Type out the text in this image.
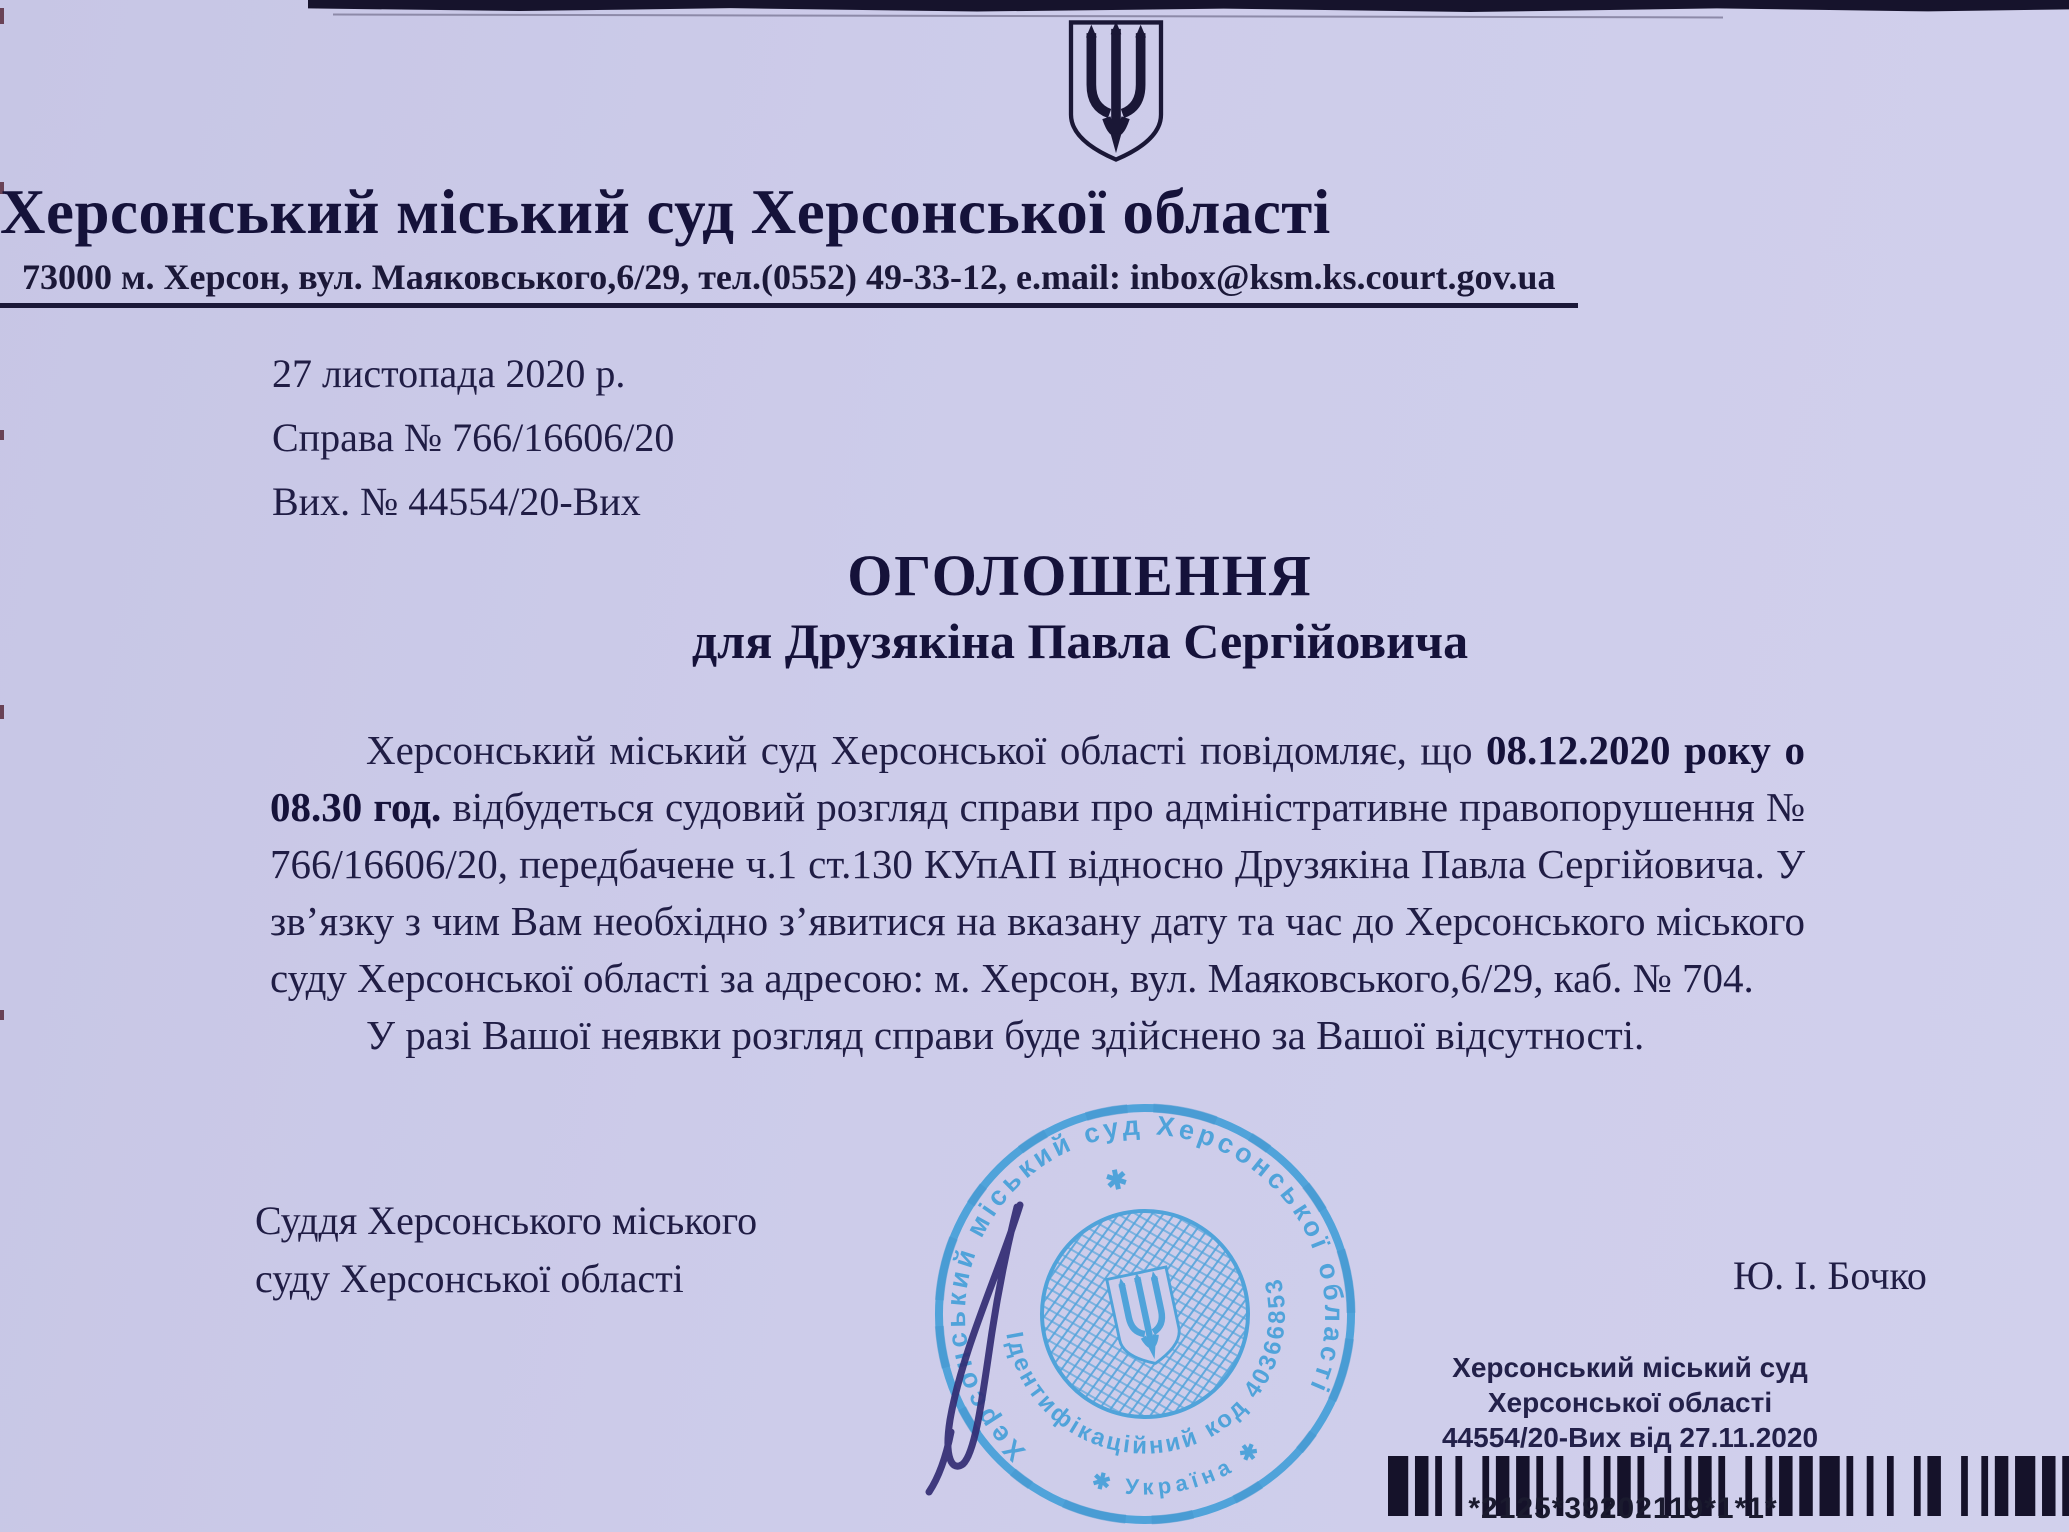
Херсонський міський суд Херсонської області
73000 м. Херсон, вул. Маяковського,6/29, тел.(0552) 49-33-12, e.mail: inbox@ksm.ks.court.gov.ua
27 листопада 2020 р.
Справа № 766/16606/20
Вих. № 44554/20-Вих
ОГОЛОШЕННЯ
для Друзякіна Павла Сергійовича

Херсонський міський суд Херсонської області повідомляє, що 08.12.2020 року о 08.30 год. відбудеться судовий розгляд справи про адміністративне правопорушення № 766/16606/20, передбачене ч.1 ст.130 КУпАП відносно Друзякіна Павла Сергійовича. У зв’язку з чим Вам необхідно з’явитися на вказану дату та час до Херсонського міського суду Херсонської області за адресою: м. Херсон, вул. Маяковського,6/29, каб. № 704.

У разі Вашої неявки розгляд справи буде здійснено за Вашої відсутності.

Суддя Херсонського міського
суду Херсонської області	Ю. І. Бочко
Херсонський міський суд Херсонської області
✱ Україна ✱
Ідентифікаційний код 40366853
✱
Херсонський міський суд
Херсонської області
44554/20-Вих від 27.11.2020
*2125*39202119*1*1*
